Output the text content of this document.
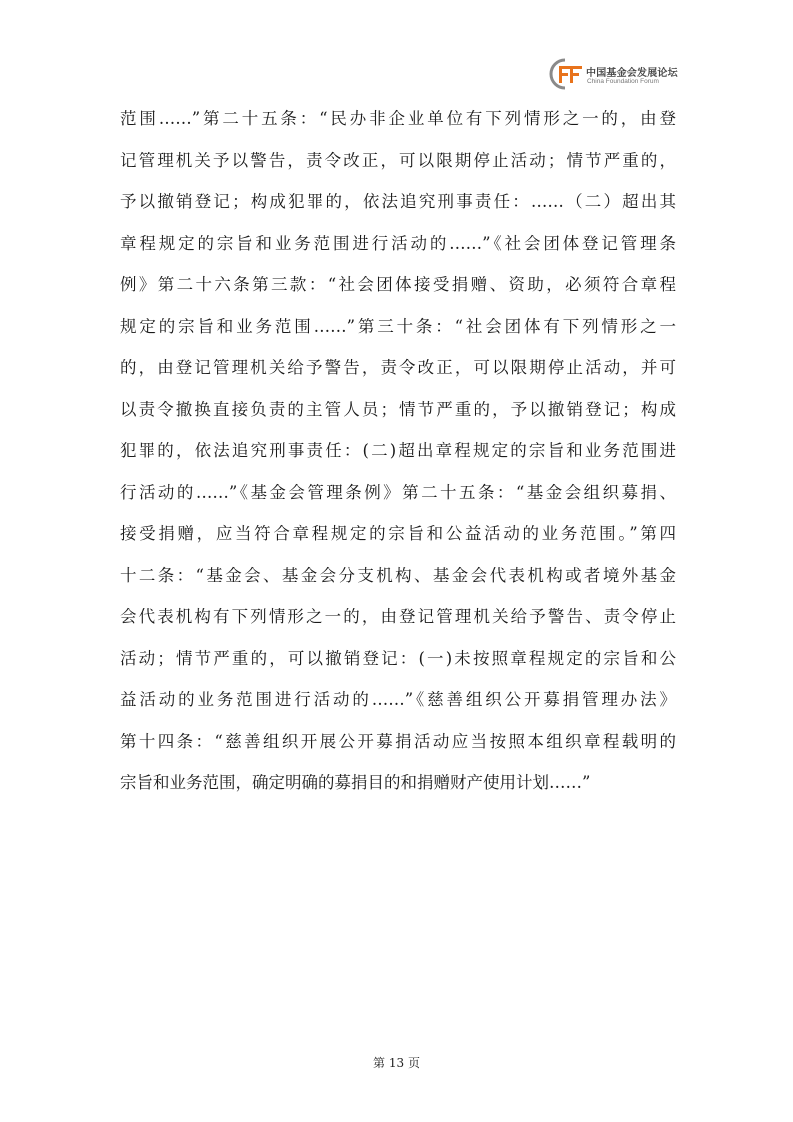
中国基金会发展论坛
China Foundation Forum
范围……”第二十五条：“民办非企业单位有下列情形之一的，由登
记管理机关予以警告，责令改正，可以限期停止活动；情节严重的，
予以撤销登记；构成犯罪的，依法追究刑事责任：……（二）超出其
章程规定的宗旨和业务范围进行活动的……”《社会团体登记管理条
例》第二十六条第三款：“社会团体接受捐赠、资助，必须符合章程
规定的宗旨和业务范围……”第三十条：“社会团体有下列情形之一
的，由登记管理机关给予警告，责令改正，可以限期停止活动，并可
以责令撤换直接负责的主管人员；情节严重的，予以撤销登记；构成
犯罪的，依法追究刑事责任：(二)超出章程规定的宗旨和业务范围进
行活动的……”《基金会管理条例》第二十五条：“基金会组织募捐、
接受捐赠，应当符合章程规定的宗旨和公益活动的业务范围。”第四
十二条：“基金会、基金会分支机构、基金会代表机构或者境外基金
会代表机构有下列情形之一的，由登记管理机关给予警告、责令停止
活动；情节严重的，可以撤销登记：(一)未按照章程规定的宗旨和公
益活动的业务范围进行活动的……”《慈善组织公开募捐管理办法》
第十四条：“慈善组织开展公开募捐活动应当按照本组织章程载明的
宗旨和业务范围，确定明确的募捐目的和捐赠财产使用计划……”
第 13 页
